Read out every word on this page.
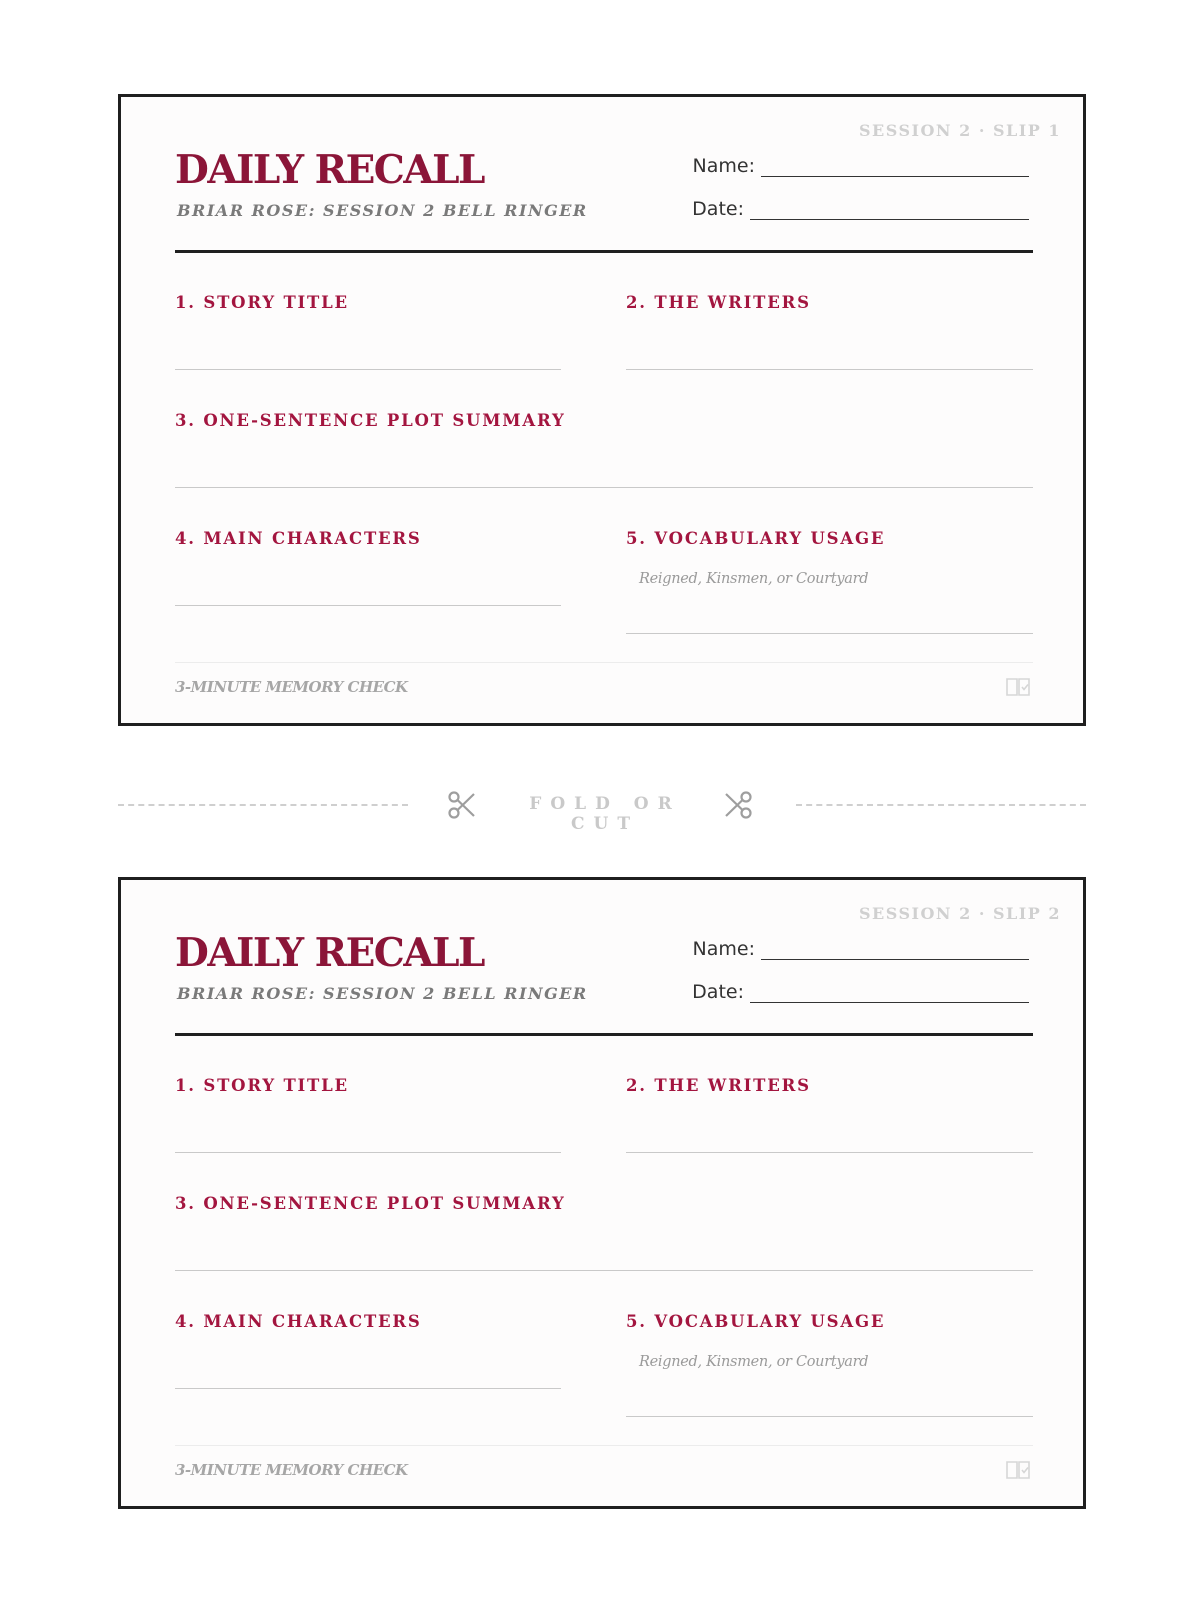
SESSION 2 · SLIP 1
DAILY RECALL
BRIAR ROSE: SESSION 2 BELL RINGER
Name:
Date:
1. STORY TITLE	2. THE WRITERS
3. ONE-SENTENCE PLOT SUMMARY
4. MAIN CHARACTERS	5. VOCABULARY USAGE
Reigned, Kinsmen, or Courtyard
3-MINUTE MEMORY CHECK
FOLD OR CUT
SESSION 2 · SLIP 2
DAILY RECALL
BRIAR ROSE: SESSION 2 BELL RINGER
Name:
Date:
1. STORY TITLE	2. THE WRITERS
3. ONE-SENTENCE PLOT SUMMARY
4. MAIN CHARACTERS	5. VOCABULARY USAGE
Reigned, Kinsmen, or Courtyard
3-MINUTE MEMORY CHECK
